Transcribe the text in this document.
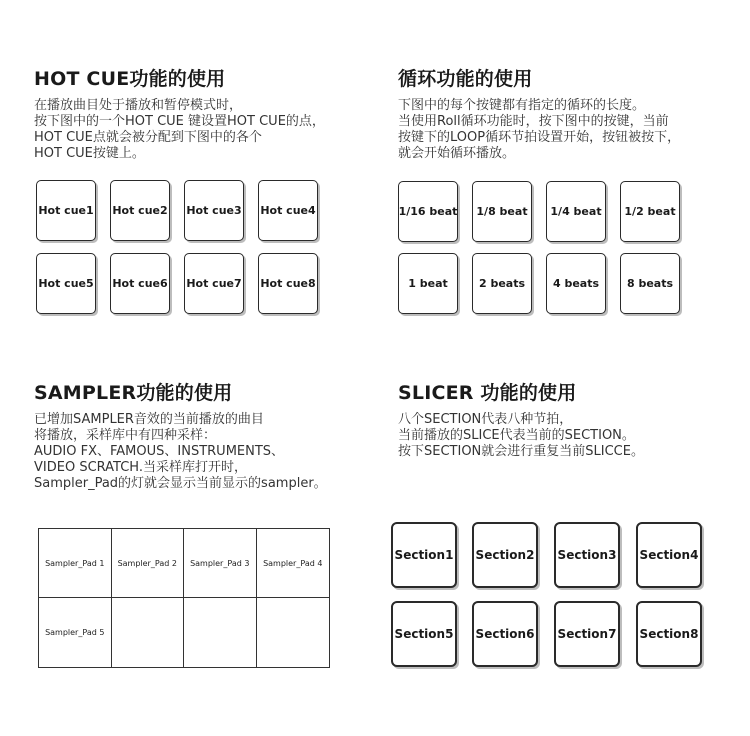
HOT CUE功能的使用
在播放曲目处于播放和暂停模式时，
按下图中的一个HOT CUE 键设置HOT CUE的点，
HOT CUE点就会被分配到下图中的各个
HOT CUE按键上。
Hot cue1 Hot cue2 Hot cue3 Hot cue4
Hot cue5 Hot cue6 Hot cue7 Hot cue8
循环功能的使用
下图中的每个按键都有指定的循环的长度。
当使用Roll循环功能时，按下图中的按键，当前
按键下的LOOP循环节拍设置开始，按钮被按下，
就会开始循环播放。
1/16 beat	1/8 beat	1/4 beat	1/2 beat
1 beat	2 beats	4 beats	8 beats
SAMPLER功能的使用
已增加SAMPLER音效的当前播放的曲目
将播放，采样库中有四种采样：
AUDIO FX、FAMOUS、INSTRUMENTS、
VIDEO SCRATCH.当采样库打开时，
Sampler_Pad的灯就会显示当前显示的sampler。
Sampler_Pad 1	Sampler_Pad 2	Sampler_Pad 3	Sampler_Pad 4
Sampler_Pad 5
SLICER 功能的使用
八个SECTION代表八种节拍，
当前播放的SLICE代表当前的SECTION。
按下SECTION就会进行重复当前SLICCE。
Section1 Section2 Section3 Section4
Section5 Section6 Section7 Section8
